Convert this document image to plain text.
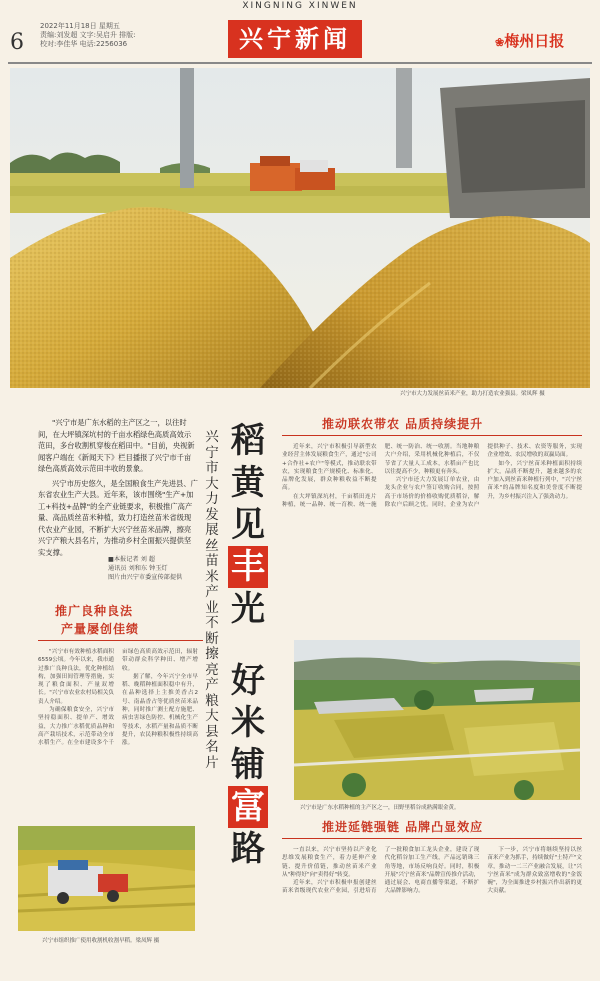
XINGNING XINWEN
6
2022年11月18日 星期五
责编:刘发超 文字:吴启升 排版:
校对:李佳华 电话:2256036	兴宁新闻	❀梅州日报
兴宁市大力发展丝苗米产业，助力打造农业强县。梁凤辉 摄

"兴宁市是广东水稻的主产区之一，以往时间，在大坪镇深坑村的千亩水稻绿色高质高效示范田，多台收割机穿梭在稻田中。"目前，央视新闻客户端在《新闻天下》栏目播报了兴宁市千亩绿色高质高效示范田丰收的景象。

兴宁市历史悠久，是全国粮食生产先进县、广东省农业生产大县。近年来，该市围绕"生产+加工+科技+品牌"的全产业链要求，积极推广高产量、高品质丝苗米种植，致力打造丝苗米省级现代农业产业园，不断扩大兴宁丝苗米品牌，擦亮兴宁产粮大县名片，为推动乡村全面振兴提供坚实支撑。

■本报记者 刘 超
通讯员 刘和东 钟玉灯
图片由兴宁市委宣传部提供
兴宁市大力发展丝苗米产业不断擦亮产粮大县名片
稻
黄
见
丰
光
好
米
铺
富
路
推广良种良法
产量屡创佳绩

"兴宁市有效种植水稻面积6559公顷。今年以来，我市通过推广良种良法，优化种植结构，加强田间管理等措施，实现了粮食面积、产量双增长。"兴宁市农业农村局相关负责人介绍。

为确保粮食安全，兴宁市坚持稳面积、提单产、增效益，大力推广水稻优质品种和高产栽培技术，示范带动全市水稻生产。在全市建设多个千亩绿色高质高效示范田，辐射带动群众科学种田、增产增收。

据了解，今年兴宁全市早稻、晚稻种植面积稳中有升，在品种选择上主推美香占2号、南晶香占等优质丝苗米品种，同时推广测土配方施肥、病虫害绿色防控、机械化生产等技术，水稻产量和品质不断提升，农民种粮积极性持续高涨。

兴宁市组织推广使用收割机收割早稻。梁凤辉 摄
推动联农带农 品质持续提升

近年来，兴宁市积极引导新型农业经营主体发展粮食生产，通过"公司+合作社+农户"等模式，推动联农带农，实现粮食生产规模化、标准化、品牌化发展，群众种粮收益不断提高。

在大坪镇深坑村，千亩稻田连片种植，统一品种、统一育秧、统一施肥、统一防治、统一收割。当地种粮大户介绍，采用机械化种植后，不仅节省了大量人工成本，水稻亩产也比以往提高不少，种粮更有奔头。

兴宁市还大力发展订单农业，由龙头企业与农户签订收购合同，按照高于市场价的价格收购优质稻谷，解除农户后顾之忧。同时，企业为农户提供种子、技术、农资等服务，实现企业增效、农民增收的双赢局面。

如今，兴宁丝苗米种植面积持续扩大，品质不断提升，越来越多的农户加入到丝苗米种植行列中，"兴宁丝苗米"的品牌知名度和美誉度不断提升，为乡村振兴注入了强劲动力。

兴宁市是广东水稻种植的主产区之一，田野里稻谷成熟满眼金黄。
推进延链强链 品牌凸显效应

一直以来，兴宁市坚持以产业化思维发展粮食生产，着力延伸产业链、提升价值链，推动丝苗米产业从"种得好"向"卖得好"转变。

近年来，兴宁市积极申报创建丝苗米省级现代农业产业园，引进培育了一批粮食加工龙头企业，建设了现代化稻谷加工生产线，产品远销珠三角等地，市场反响良好。同时，积极开展"兴宁丝苗米"品牌宣传推介活动，通过展会、电商直播等渠道，不断扩大品牌影响力。

下一步，兴宁市将继续坚持以丝苗米产业为抓手，持续做好"土特产"文章，推动一二三产业融合发展，让"兴宁丝苗米"成为群众致富增收的"金饭碗"，为全面推进乡村振兴作出新的更大贡献。
